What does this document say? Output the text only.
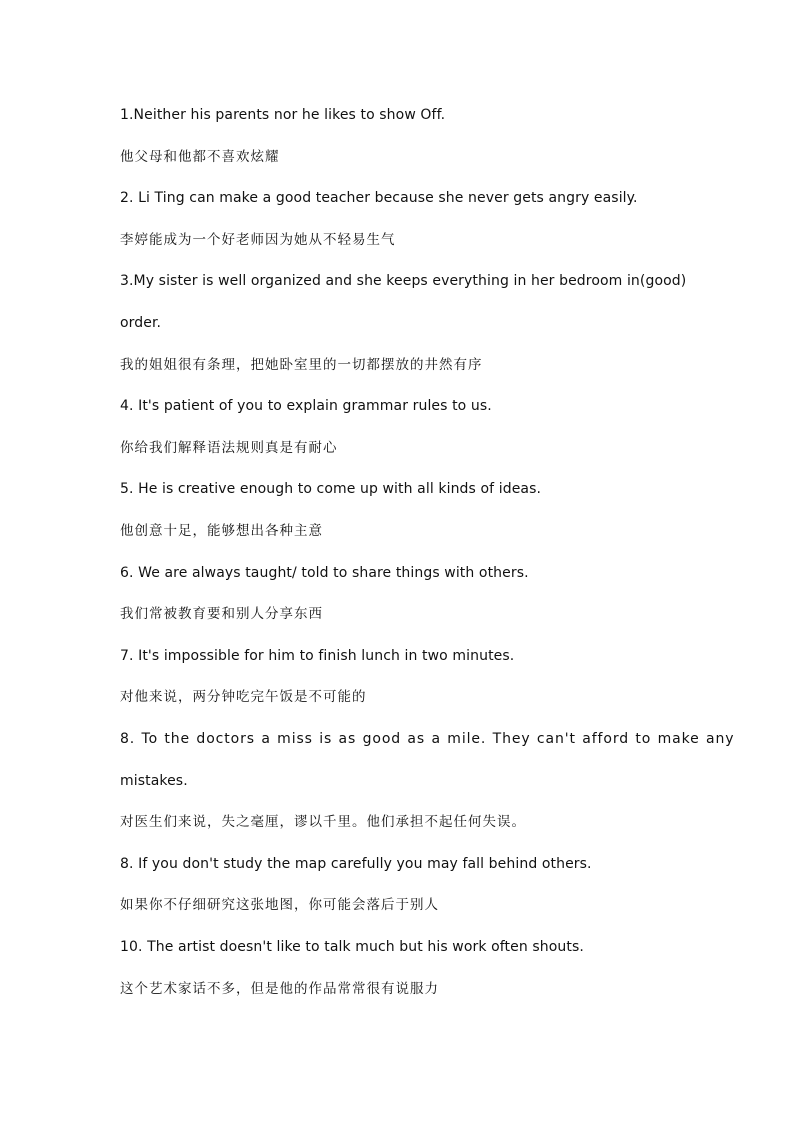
1.Neither his parents nor he likes to show Off.

他父母和他都不喜欢炫耀

2. Li Ting can make a good teacher because she never gets angry easily.

李婷能成为一个好老师因为她从不轻易生气

3.My sister is well organized and she keeps everything in her bedroom in(good)

order.

我的姐姐很有条理，把她卧室里的一切都摆放的井然有序

4. It's patient of you to explain grammar rules to us.

你给我们解释语法规则真是有耐心

5. He is creative enough to come up with all kinds of ideas.

他创意十足，能够想出各种主意

6. We are always taught/ told to share things with others.

我们常被教育要和别人分享东西

7. It's impossible for him to finish lunch in two minutes.

对他来说，两分钟吃完午饭是不可能的

8. To the doctors a miss is as good as a mile. They can't afford to make any

mistakes.

对医生们来说，失之毫厘，谬以千里。他们承担不起任何失误。

8. If you don't study the map carefully you may fall behind others.

如果你不仔细研究这张地图，你可能会落后于别人

10. The artist doesn't like to talk much but his work often shouts.

这个艺术家话不多，但是他的作品常常很有说服力
